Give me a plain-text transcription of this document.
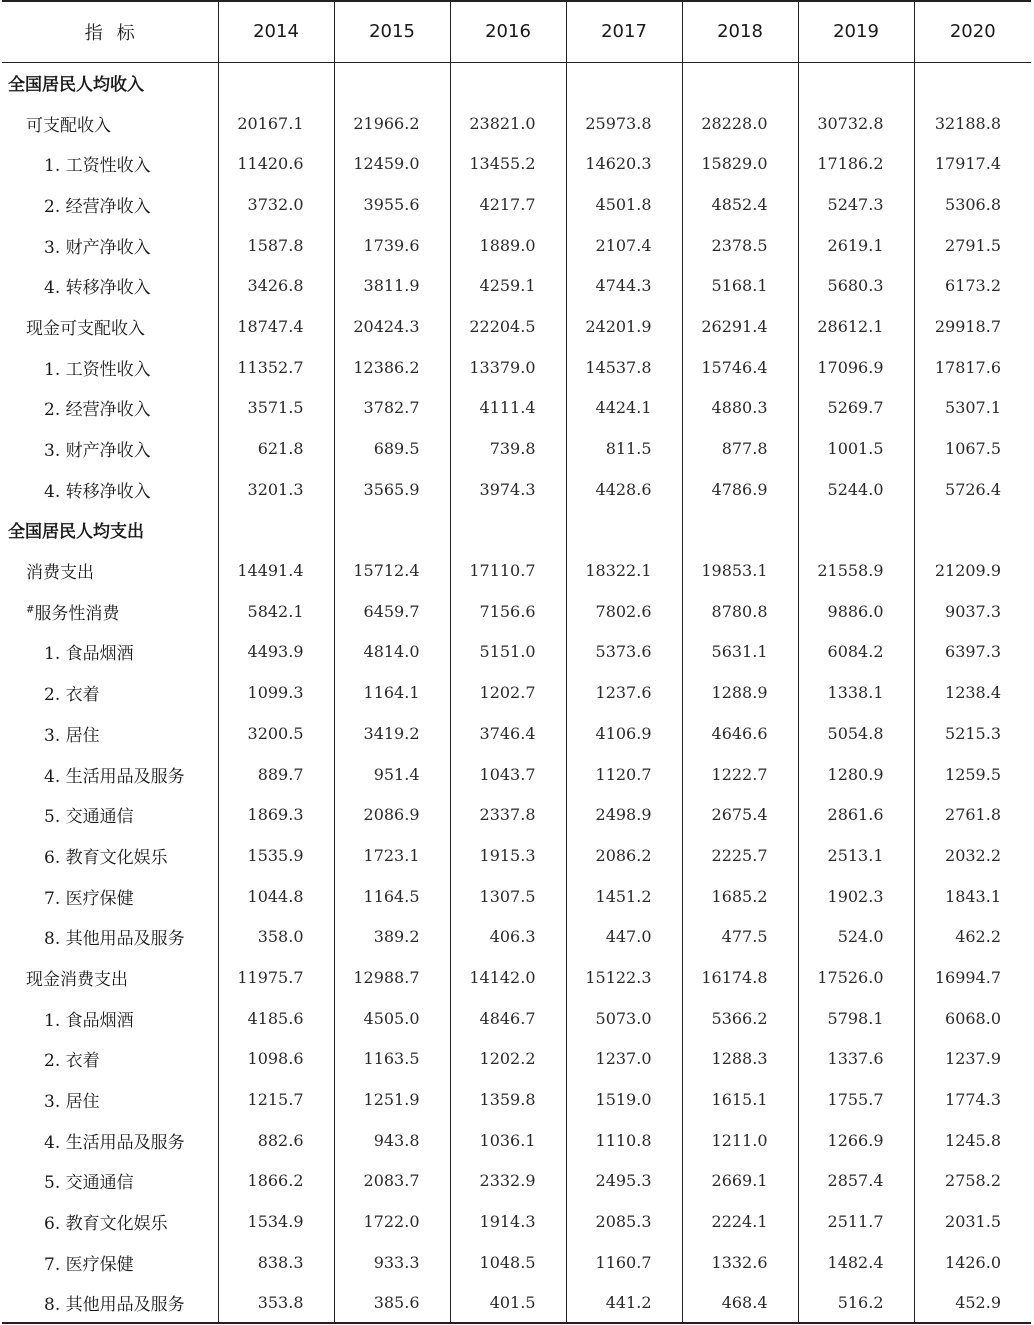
指标	2014	2015	2016	2017	2018	2019	2020
全国居民人均收入							
可支配收入	20167.1	21966.2	23821.0	25973.8	28228.0	30732.8	32188.8
1. 工资性收入	11420.6	12459.0	13455.2	14620.3	15829.0	17186.2	17917.4
2. 经营净收入	3732.0	3955.6	4217.7	4501.8	4852.4	5247.3	5306.8
3. 财产净收入	1587.8	1739.6	1889.0	2107.4	2378.5	2619.1	2791.5
4. 转移净收入	3426.8	3811.9	4259.1	4744.3	5168.1	5680.3	6173.2
现金可支配收入	18747.4	20424.3	22204.5	24201.9	26291.4	28612.1	29918.7
1. 工资性收入	11352.7	12386.2	13379.0	14537.8	15746.4	17096.9	17817.6
2. 经营净收入	3571.5	3782.7	4111.4	4424.1	4880.3	5269.7	5307.1
3. 财产净收入	621.8	689.5	739.8	811.5	877.8	1001.5	1067.5
4. 转移净收入	3201.3	3565.9	3974.3	4428.6	4786.9	5244.0	5726.4
全国居民人均支出							
消费支出	14491.4	15712.4	17110.7	18322.1	19853.1	21558.9	21209.9
#服务性消费	5842.1	6459.7	7156.6	7802.6	8780.8	9886.0	9037.3
1. 食品烟酒	4493.9	4814.0	5151.0	5373.6	5631.1	6084.2	6397.3
2. 衣着	1099.3	1164.1	1202.7	1237.6	1288.9	1338.1	1238.4
3. 居住	3200.5	3419.2	3746.4	4106.9	4646.6	5054.8	5215.3
4. 生活用品及服务	889.7	951.4	1043.7	1120.7	1222.7	1280.9	1259.5
5. 交通通信	1869.3	2086.9	2337.8	2498.9	2675.4	2861.6	2761.8
6. 教育文化娱乐	1535.9	1723.1	1915.3	2086.2	2225.7	2513.1	2032.2
7. 医疗保健	1044.8	1164.5	1307.5	1451.2	1685.2	1902.3	1843.1
8. 其他用品及服务	358.0	389.2	406.3	447.0	477.5	524.0	462.2
现金消费支出	11975.7	12988.7	14142.0	15122.3	16174.8	17526.0	16994.7
1. 食品烟酒	4185.6	4505.0	4846.7	5073.0	5366.2	5798.1	6068.0
2. 衣着	1098.6	1163.5	1202.2	1237.0	1288.3	1337.6	1237.9
3. 居住	1215.7	1251.9	1359.8	1519.0	1615.1	1755.7	1774.3
4. 生活用品及服务	882.6	943.8	1036.1	1110.8	1211.0	1266.9	1245.8
5. 交通通信	1866.2	2083.7	2332.9	2495.3	2669.1	2857.4	2758.2
6. 教育文化娱乐	1534.9	1722.0	1914.3	2085.3	2224.1	2511.7	2031.5
7. 医疗保健	838.3	933.3	1048.5	1160.7	1332.6	1482.4	1426.0
8. 其他用品及服务	353.8	385.6	401.5	441.2	468.4	516.2	452.9
